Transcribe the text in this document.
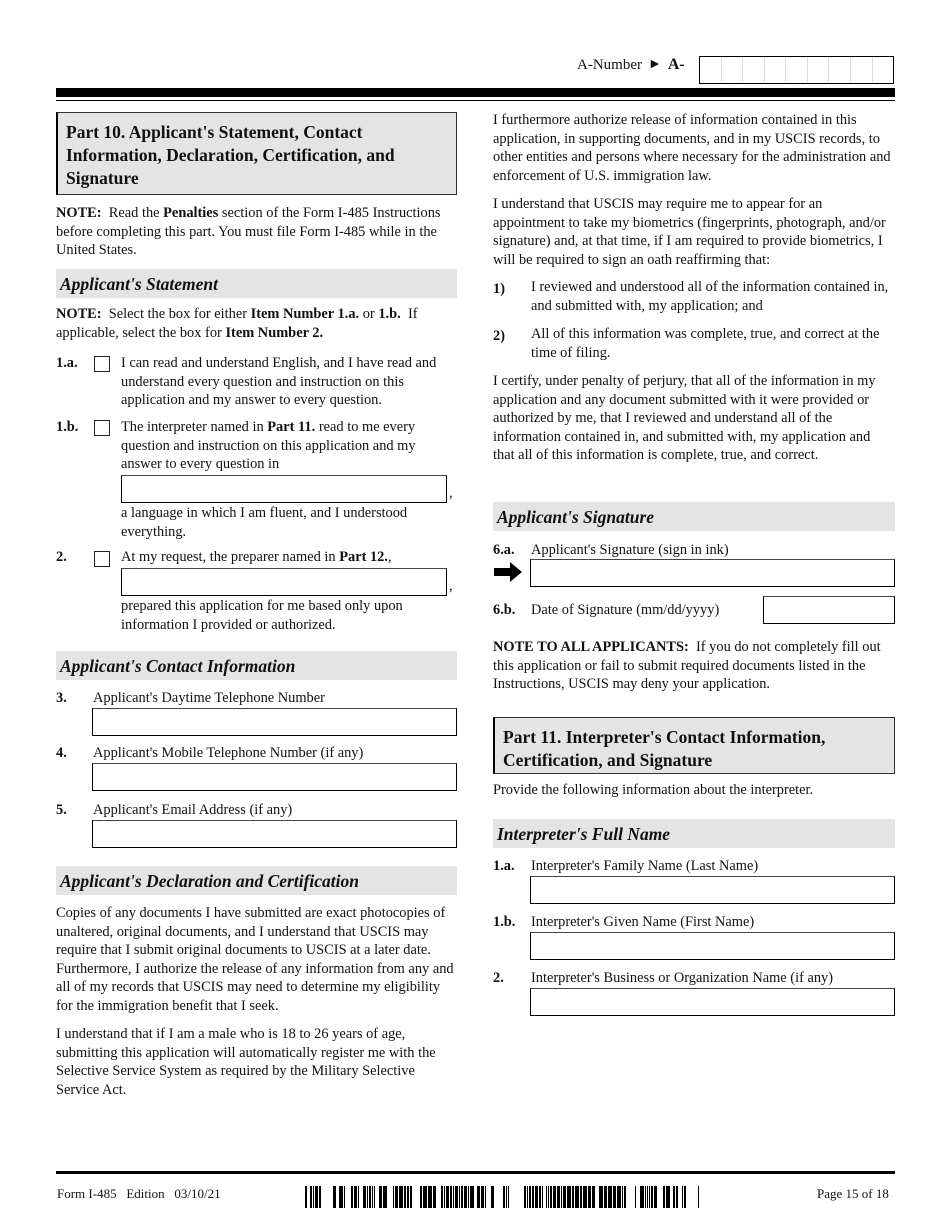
A-Number ► A-
Part 10. Applicant's Statement, Contact Information, Declaration, Certification, and Signature
NOTE: Read the Penalties section of the Form I-485 Instructions before completing this part. You must file Form I-485 while in the United States.
Applicant's Statement
NOTE: Select the box for either Item Number 1.a. or 1.b. If applicable, select the box for Item Number 2.
1.a.	I can read and understand English, and I have read and understand every question and instruction on this application and my answer to every question.
1.b.	The interpreter named in Part 11. read to me every question and instruction on this application and my answer to every question in
,
a language in which I am fluent, and I understood everything.
2.	At my request, the preparer named in Part 12.,
,
prepared this application for me based only upon information I provided or authorized.
Applicant's Contact Information
3. Applicant's Daytime Telephone Number
4. Applicant's Mobile Telephone Number (if any)
5. Applicant's Email Address (if any)
Applicant's Declaration and Certification
Copies of any documents I have submitted are exact photocopies of unaltered, original documents, and I understand that USCIS may require that I submit original documents to USCIS at a later date. Furthermore, I authorize the release of any information from any and all of my records that USCIS may need to determine my eligibility for the immigration benefit that I seek.
I understand that if I am a male who is 18 to 26 years of age, submitting this application will automatically register me with the Selective Service System as required by the Military Selective Service Act.
I furthermore authorize release of information contained in this application, in supporting documents, and in my USCIS records, to other entities and persons where necessary for the administration and enforcement of U.S. immigration law.
I understand that USCIS may require me to appear for an appointment to take my biometrics (fingerprints, photograph, and/or signature) and, at that time, if I am required to provide biometrics, I will be required to sign an oath reaffirming that:
1) I reviewed and understood all of the information contained in, and submitted with, my application; and
2) All of this information was complete, true, and correct at the time of filing.
I certify, under penalty of perjury, that all of the information in my application and any document submitted with it were provided or authorized by me, that I reviewed and understand all of the information contained in, and submitted with, my application and that all of this information is complete, true, and correct.
Applicant's Signature
6.a. Applicant's Signature (sign in ink)
6.b. Date of Signature (mm/dd/yyyy)
NOTE TO ALL APPLICANTS: If you do not completely fill out this application or fail to submit required documents listed in the Instructions, USCIS may deny your application.
Part 11. Interpreter's Contact Information, Certification, and Signature
Provide the following information about the interpreter.
Interpreter's Full Name
1.a. Interpreter's Family Name (Last Name)
1.b. Interpreter's Given Name (First Name)
2. Interpreter's Business or Organization Name (if any)
Form I-485   Edition   03/10/21	Page 15 of 18
